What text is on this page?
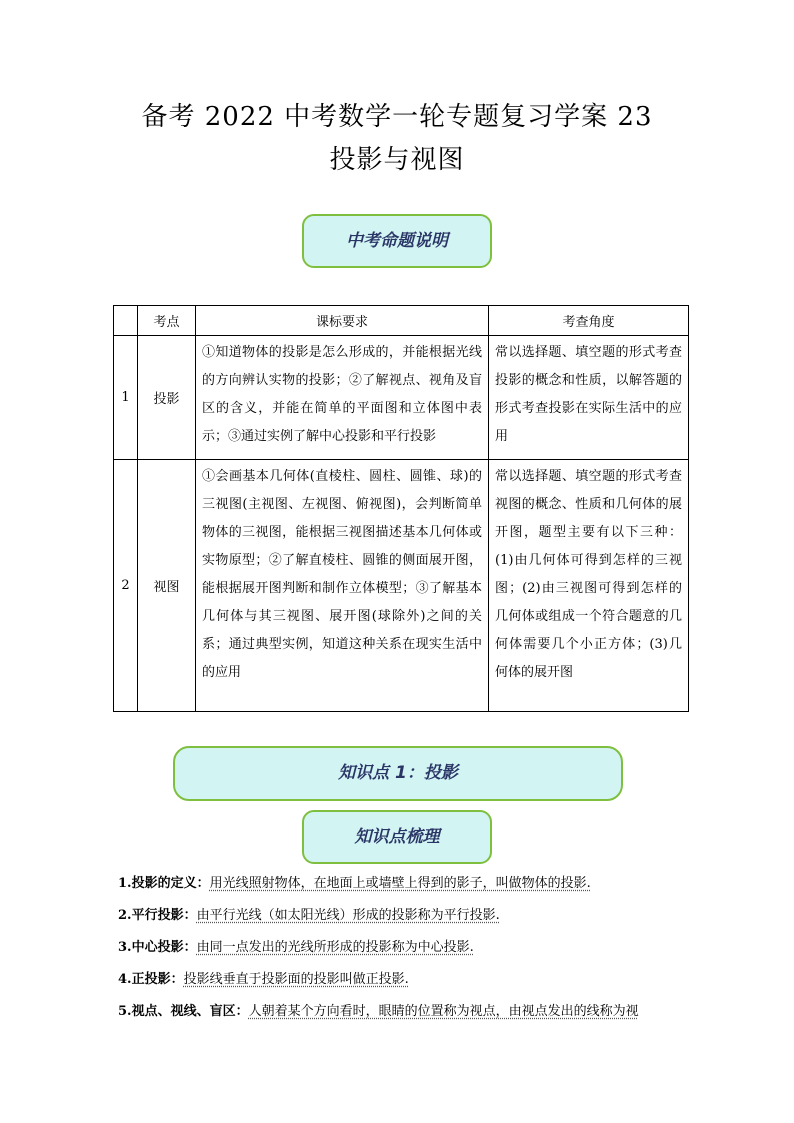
备考 2022 中考数学一轮专题复习学案 23
投影与视图
中考命题说明
	考点	课标要求	考查角度
1	投影	①知道物体的投影是怎么形成的，并能根据光线的方向辨认实物的投影；②了解视点、视角及盲区的含义，并能在简单的平面图和立体图中表示；③通过实例了解中心投影和平行投影	常以选择题、填空题的形式考查投影的概念和性质，以解答题的形式考查投影在实际生活中的应用
2	视图	①会画基本几何体(直棱柱、圆柱、圆锥、球)的三视图(主视图、左视图、俯视图)，会判断简单物体的三视图，能根据三视图描述基本几何体或实物原型；②了解直棱柱、圆锥的侧面展开图，能根据展开图判断和制作立体模型；③了解基本几何体与其三视图、展开图(球除外)之间的关系；通过典型实例，知道这种关系在现实生活中的应用	常以选择题、填空题的形式考查视图的概念、性质和几何体的展开图，题型主要有以下三种：(1)由几何体可得到怎样的三视图；(2)由三视图可得到怎样的几何体或组成一个符合题意的几何体需要几个小正方体；(3)几何体的展开图
知识点 1：投影
知识点梳理
1.投影的定义：用光线照射物体，在地面上或墙壁上得到的影子，叫做物体的投影.
2.平行投影：由平行光线（如太阳光线）形成的投影称为平行投影.
3.中心投影：由同一点发出的光线所形成的投影称为中心投影.
4.正投影：投影线垂直于投影面的投影叫做正投影.
5.视点、视线、盲区：人朝着某个方向看时，眼睛的位置称为视点，由视点发出的线称为视
